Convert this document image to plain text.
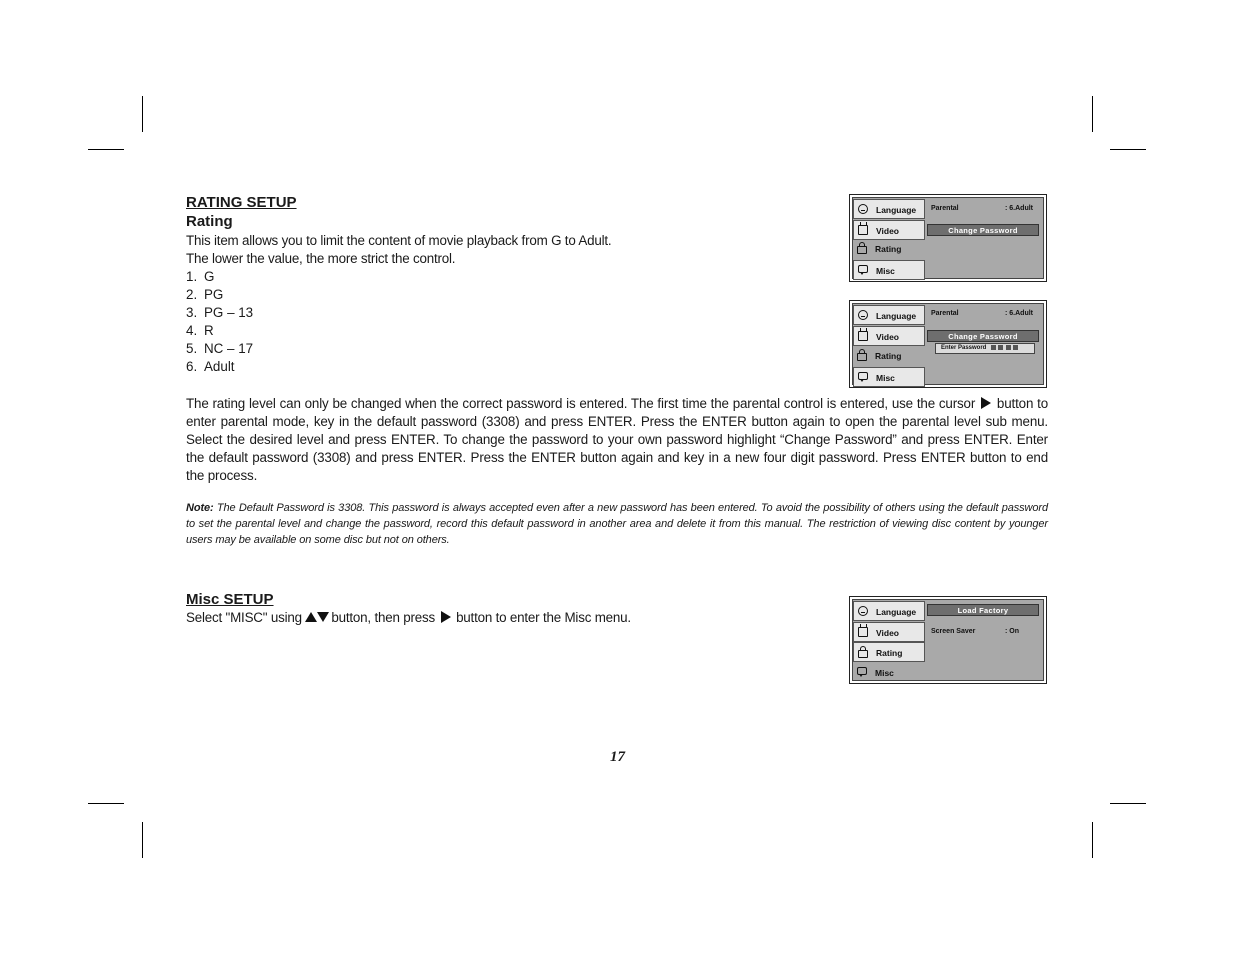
RATING SETUP
Rating
This item allows you to limit the content of movie playback from G to Adult.
The lower the value, the more strict the control.
1. G
2. PG
3. PG – 13
4. R
5. NC – 17
6. Adult
The rating level can only be changed when the correct password is entered. The first time the parental control is entered, use the cursor button to enter parental mode, key in the default password (3308) and press ENTER. Press the ENTER button again to open the parental level sub menu. Select the desired level and press ENTER. To change the password to your own password highlight “Change Password” and press ENTER. Enter the default password (3308) and press ENTER. Press the ENTER button again and key in a new four digit password. Press ENTER button to end the process.
Note: The Default Password is 3308. This password is always accepted even after a new password has been entered. To avoid the possibility of others using the default password to set the parental level and change the password, record this default password in another area and delete it from this manual. The restriction of viewing disc content by younger users may be available on some disc but not on others.
Misc SETUP
Select "MISC" using button, then press button to enter the Misc menu.
Language
Video
Rating
Misc
Parental	: 6.Adult
Change Password
Language
Video
Rating
Misc
Parental	: 6.Adult
Change Password
Enter Password
Language
Video
Rating
Misc
Load Factory
Screen Saver	: On
17
